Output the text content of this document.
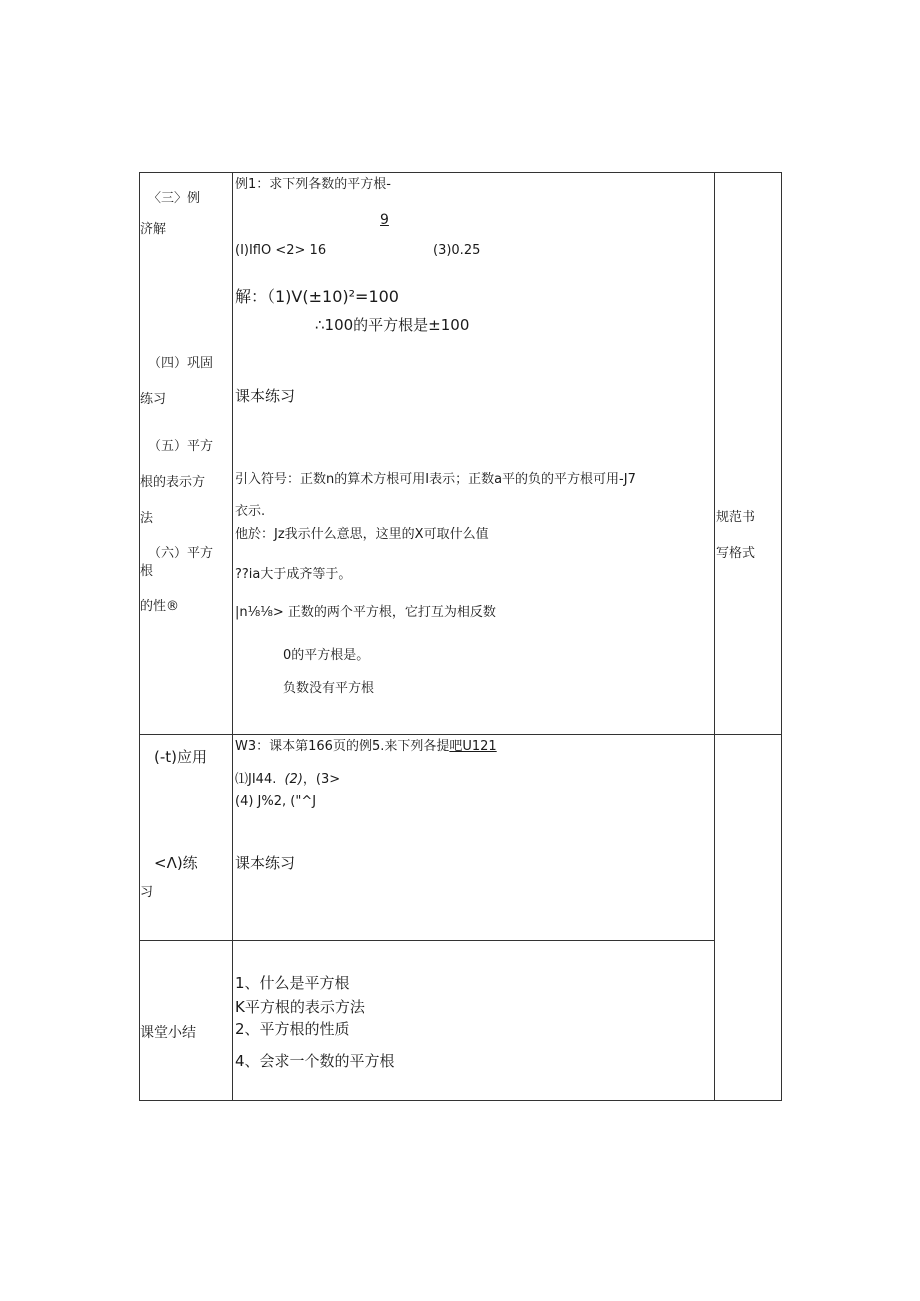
〈三〉例
济解
（四）巩固
练习
（五）平方
根的表示方
法
（六）平方
根
的性®
例1：求下列各数的平方根-
9
(I)IflO <2> 16	(3)0.25
解：（1)V(±10)²=100
∴100的平方根是±100
课本练习
引入符号：正数n的算术方根可用I表示；正数a平的负的平方根可用-J7
衣示.
他於：Jz我示什么意思，这里的X可取什么值
??ia大于成齐等于。
|n⅛⅛> 正数的两个平方根，它打互为相反数
0的平方根是。
负数没有平方根
规范书
写格式
(-t)应用
<Λ)练
习
W3：课本第166页的例5.来下列各提吧U121
⑴JI44. (2)，(3>
(4) J%2, ("^J
课本练习
课堂小结
1、什么是平方根
K平方根的表示方法
2、平方根的性质
4、会求一个数的平方根
